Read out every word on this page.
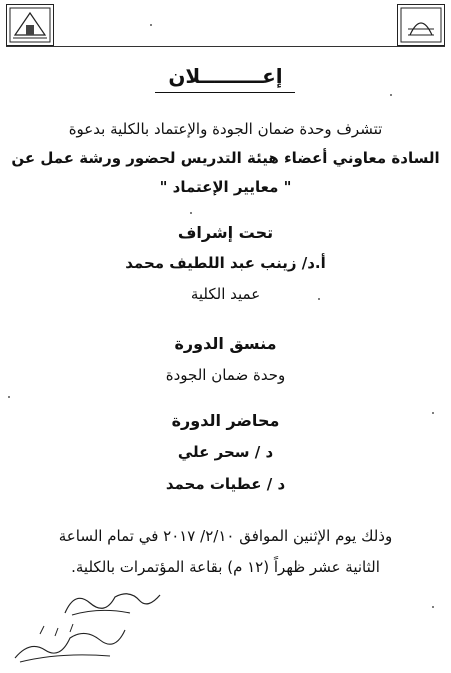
إعـــــــــلان
تتشرف وحدة ضمان الجودة والإعتماد بالكلية بدعوة
السادة معاوني أعضاء هيئة التدريس لحضور ورشة عمل عن
" معايير الإعتماد "
تحت إشراف
أ.د/ زينب عبد اللطيف محمد
عميد الكلية
منسق الدورة
وحدة ضمان الجودة
محاضر الدورة
د / سحر علي
د / عطيات محمد
وذلك يوم الإثنين الموافق ٢/١٠/ ٢٠١٧ في تمام الساعة
الثانية عشر ظهراً (١٢ م) بقاعة المؤتمرات بالكلية.
